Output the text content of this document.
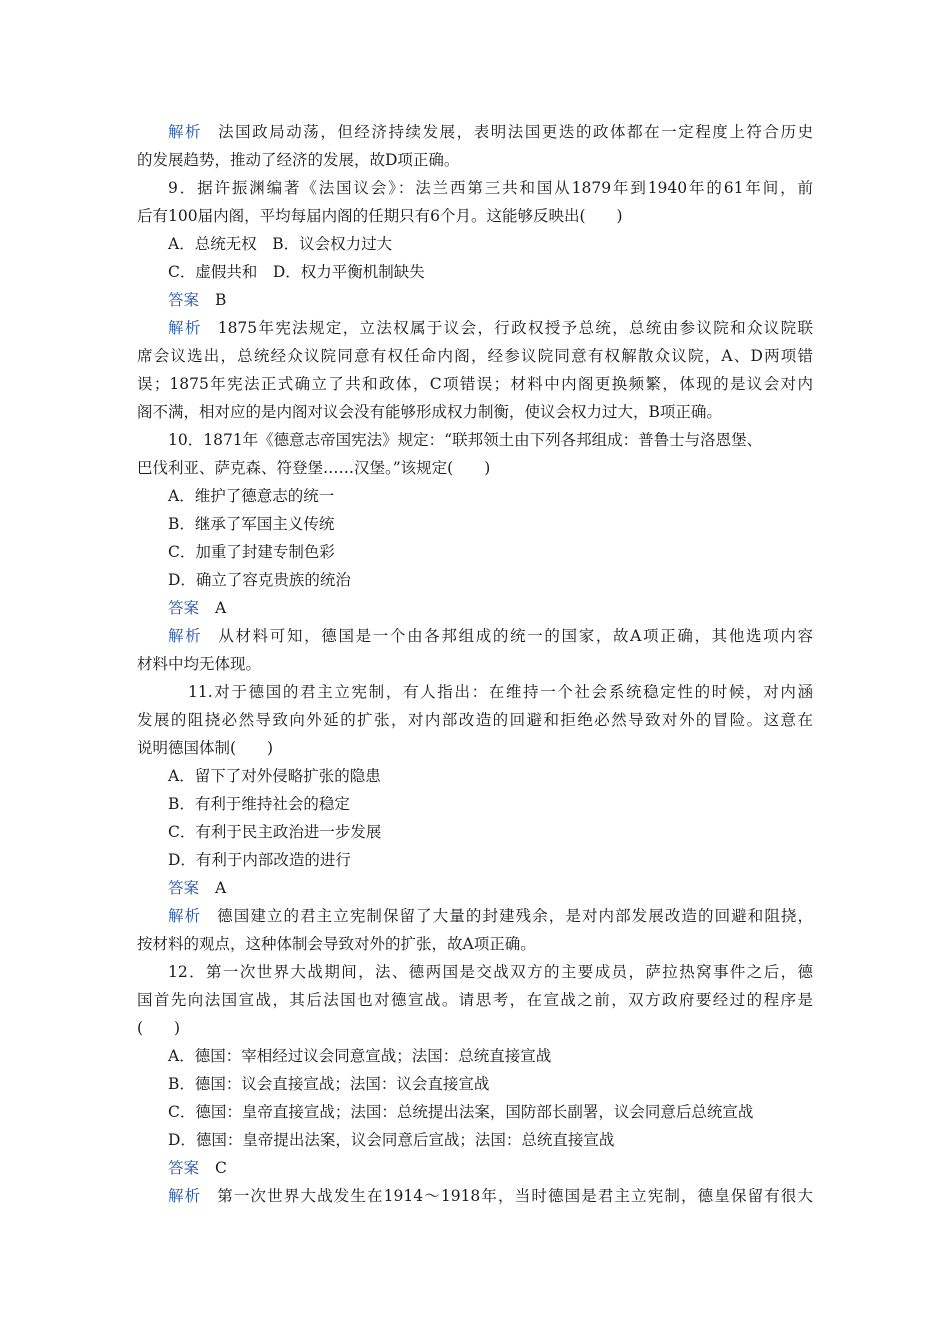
解析 法国政局动荡，但经济持续发展，表明法国更迭的政体都在一定程度上符合历史
的发展趋势，推动了经济的发展，故D项正确。
9．据许振渊编著《法国议会》：法兰西第三共和国从1879年到1940年的61年间，前
后有100届内阁，平均每届内阁的任期只有6个月。这能够反映出(　　)
A．总统无权　B．议会权力过大
C．虚假共和　D．权力平衡机制缺失
答案 B
解析 1875年宪法规定，立法权属于议会，行政权授予总统，总统由参议院和众议院联
席会议选出，总统经众议院同意有权任命内阁，经参议院同意有权解散众议院，A、D两项错
误；1875年宪法正式确立了共和政体，C项错误；材料中内阁更换频繁，体现的是议会对内
阁不满，相对应的是内阁对议会没有能够形成权力制衡，使议会权力过大，B项正确。
10．1871年《德意志帝国宪法》规定：“联邦领土由下列各邦组成：普鲁士与洛恩堡、
巴伐利亚、萨克森、符登堡……汉堡。”该规定(　　)
A．维护了德意志的统一
B．继承了军国主义传统
C．加重了封建专制色彩
D．确立了容克贵族的统治
答案 A
解析 从材料可知，德国是一个由各邦组成的统一的国家，故A项正确，其他选项内容
材料中均无体现。
11.对于德国的君主立宪制，有人指出：在维持一个社会系统稳定性的时候，对内涵
发展的阻挠必然导致向外延的扩张，对内部改造的回避和拒绝必然导致对外的冒险。这意在
说明德国体制(　　)
A．留下了对外侵略扩张的隐患
B．有利于维持社会的稳定
C．有利于民主政治进一步发展
D．有利于内部改造的进行
答案 A
解析 德国建立的君主立宪制保留了大量的封建残余，是对内部发展改造的回避和阻挠，
按材料的观点，这种体制会导致对外的扩张，故A项正确。
12．第一次世界大战期间，法、德两国是交战双方的主要成员，萨拉热窝事件之后，德
国首先向法国宣战，其后法国也对德宣战。请思考，在宣战之前，双方政府要经过的程序是
(　　)
A．德国：宰相经过议会同意宣战；法国：总统直接宣战
B．德国：议会直接宣战；法国：议会直接宣战
C．德国：皇帝直接宣战；法国：总统提出法案，国防部长副署，议会同意后总统宣战
D．德国：皇帝提出法案，议会同意后宣战；法国：总统直接宣战
答案 C
解析 第一次世界大战发生在1914～1918年，当时德国是君主立宪制，德皇保留有很大
